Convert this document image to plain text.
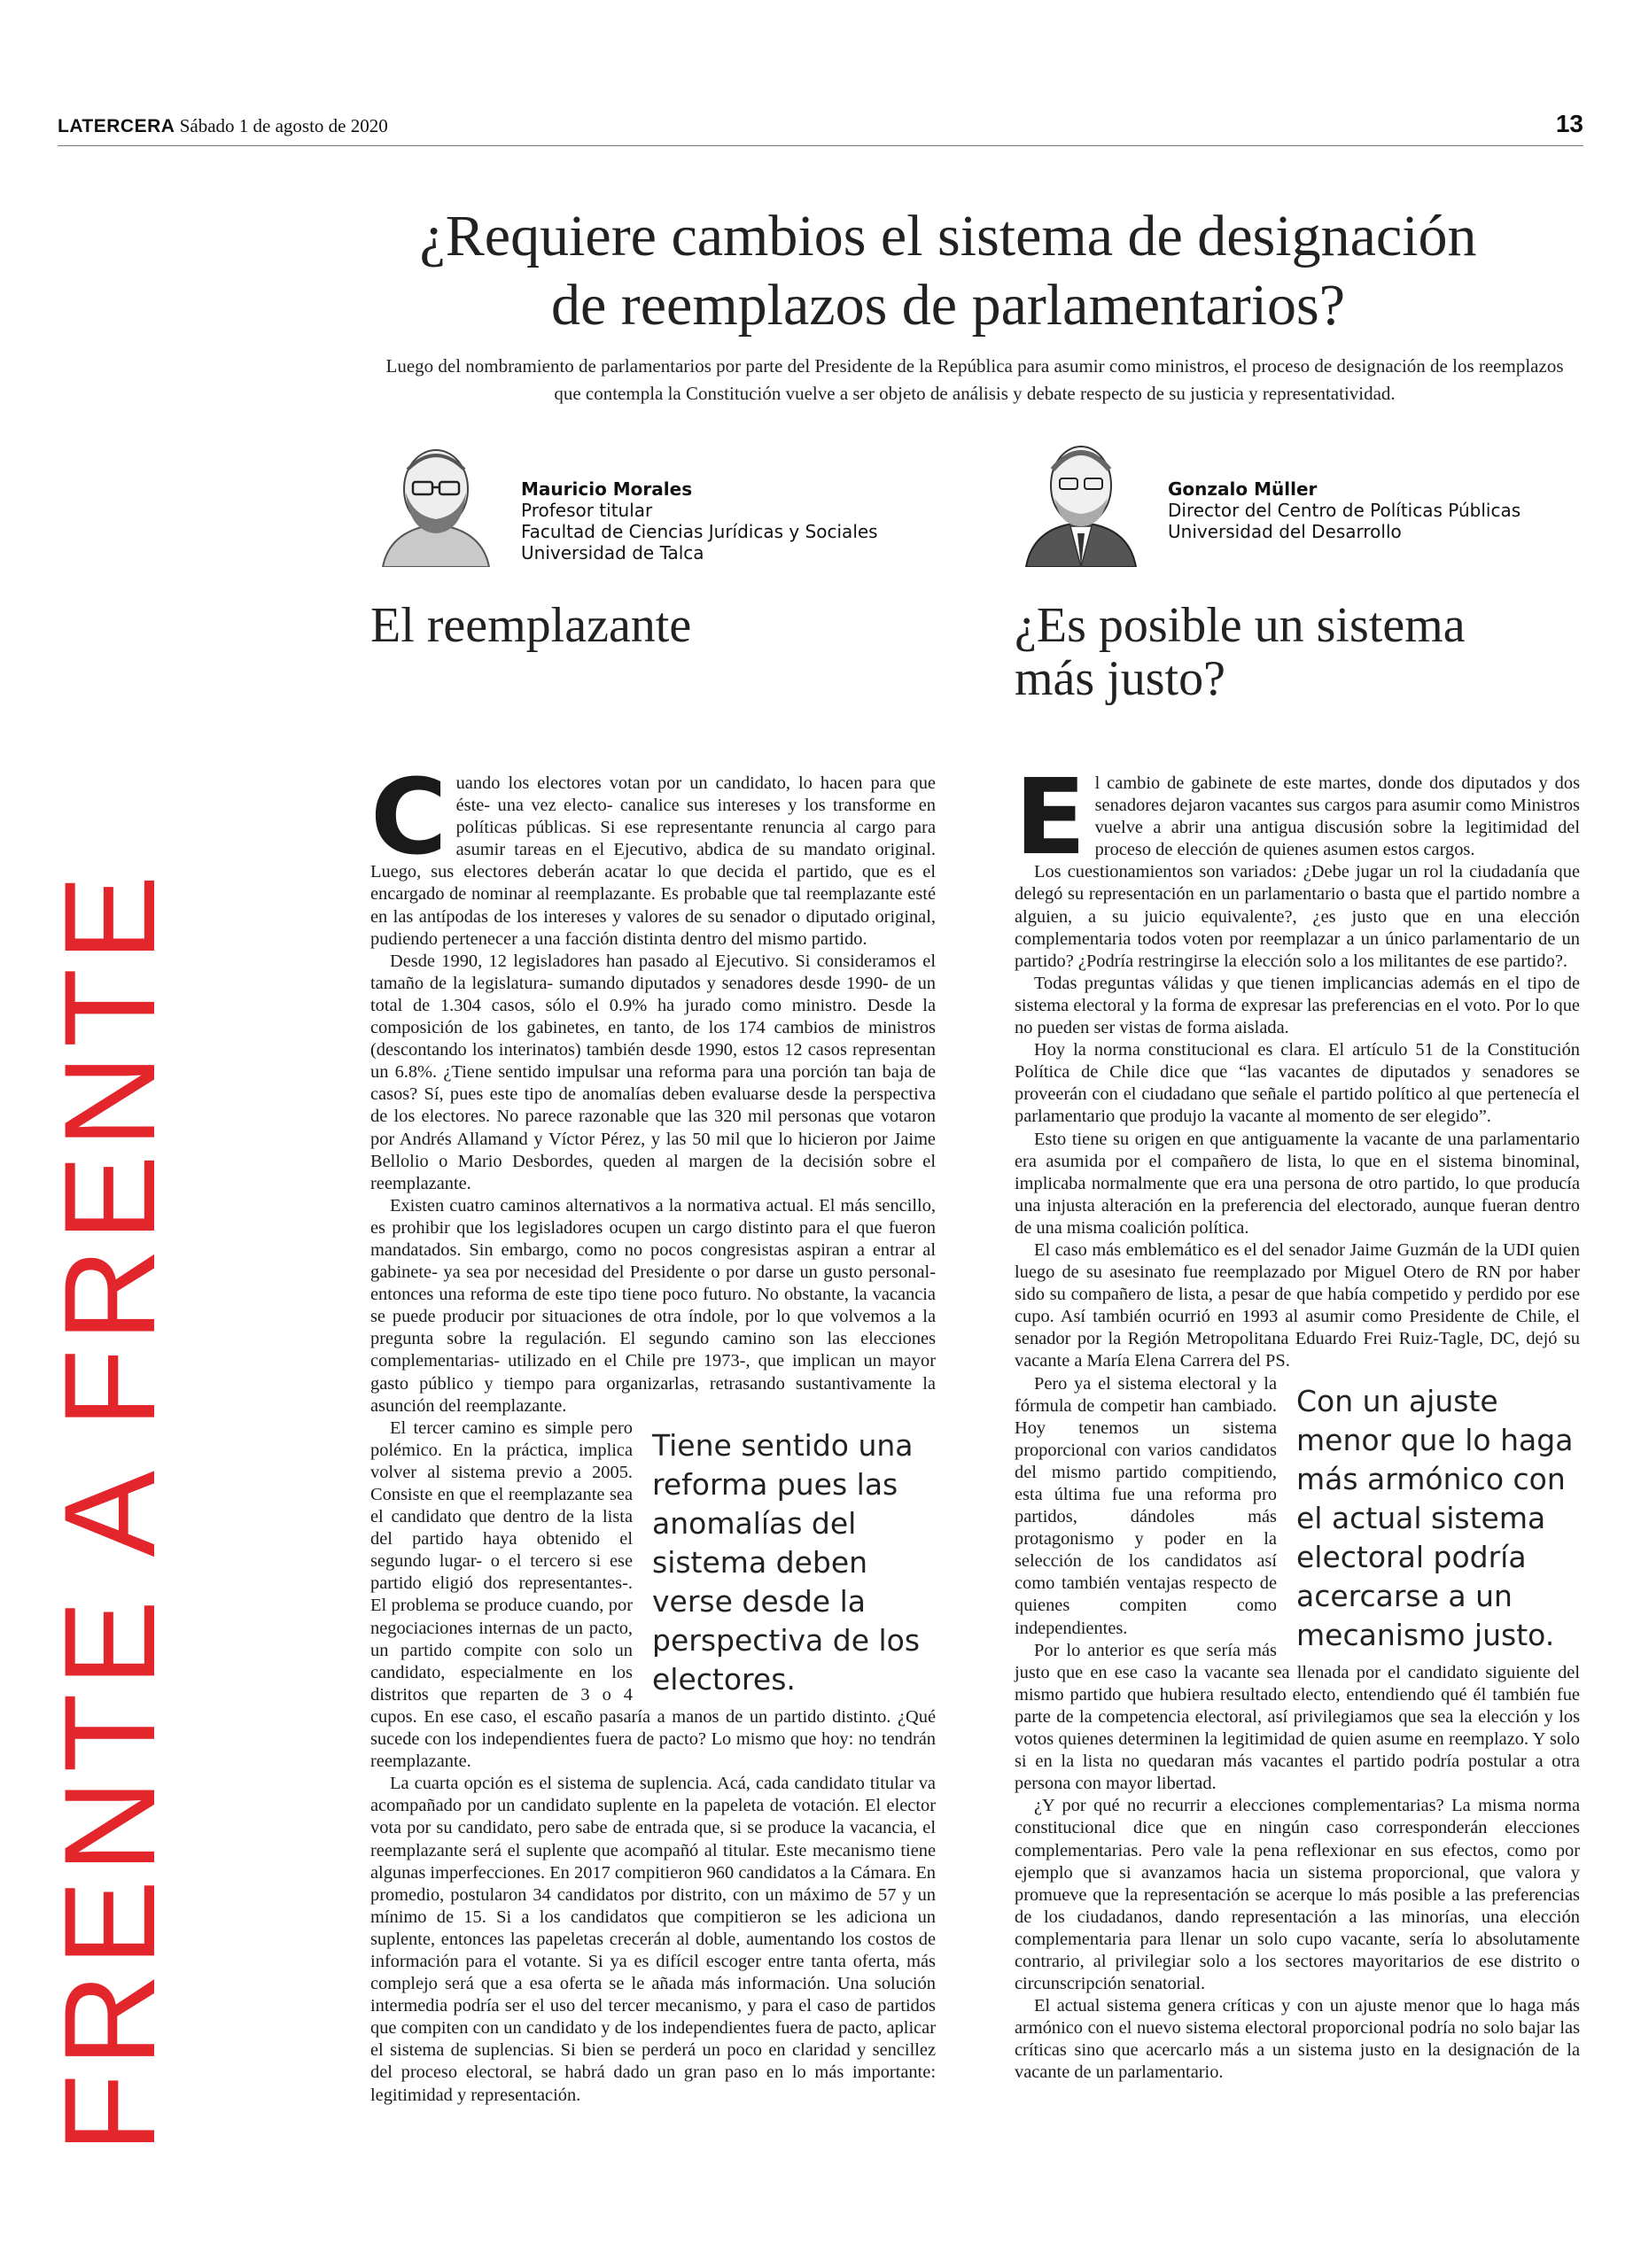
LATERCERA Sábado 1 de agosto de 2020	13
¿Requiere cambios el sistema de designación
de reemplazos de parlamentarios?
Luego del nombramiento de parlamentarios por parte del Presidente de la República para asumir como ministros, el proceso de designación de los reemplazos que contempla la Constitución vuelve a ser objeto de análisis y debate respecto de su justicia y representatividad.
FRENTE A FRENTE
Mauricio Morales
Profesor titular
Facultad de Ciencias Jurídicas y Sociales
Universidad de Talca
El reemplazante
Gonzalo Müller
Director del Centro de Políticas Públicas
Universidad del Desarrollo
¿Es posible un sistema
más justo?

Cuando los electores votan por un candidato, lo hacen para que éste- una vez electo- canalice sus intereses y los transforme en políticas públicas. Si ese representante renuncia al cargo para asumir tareas en el Ejecutivo, abdica de su mandato original. Luego, sus electores deberán acatar lo que decida el partido, que es el encargado de nominar al reemplazante. Es probable que tal reemplazante esté en las antípodas de los intereses y valores de su senador o diputado original, pudiendo pertenecer a una facción distinta dentro del mismo partido.

Desde 1990, 12 legisladores han pasado al Ejecutivo. Si consideramos el tamaño de la legislatura- sumando diputados y senadores desde 1990- de un total de 1.304 casos, sólo el 0.9% ha jurado como ministro. Desde la composición de los gabinetes, en tanto, de los 174 cambios de ministros (descontando los interinatos) también desde 1990, estos 12 casos representan un 6.8%. ¿Tiene sentido impulsar una reforma para una porción tan baja de casos? Sí, pues este tipo de anomalías deben evaluarse desde la perspectiva de los electores. No parece razonable que las 320 mil personas que votaron por Andrés Allamand y Víctor Pérez, y las 50 mil que lo hicieron por Jaime Bellolio o Mario Desbordes, queden al margen de la decisión sobre el reemplazante.

Existen cuatro caminos alternativos a la normativa actual. El más sencillo, es prohibir que los legisladores ocupen un cargo distinto para el que fueron mandatados. Sin embargo, como no pocos congresistas aspiran a entrar al gabinete- ya sea por necesidad del Presidente o por darse un gusto personal- entonces una reforma de este tipo tiene poco futuro. No obstante, la vacancia se puede producir por situaciones de otra índole, por lo que volvemos a la pregunta sobre la regulación. El segundo camino son las elecciones complementarias- utilizado en el Chile pre 1973-, que implican un mayor gasto público y tiempo para organizarlas, retrasando sustantivamente la asunción del reemplazante.

Tiene sentido una reforma pues las anomalías del sistema deben verse desde la perspectiva de los electores.

El tercer camino es simple pero polémico. En la práctica, implica volver al sistema previo a 2005. Consiste en que el reemplazante sea el candidato que dentro de la lista del partido haya obtenido el segundo lugar- o el tercero si ese partido eligió dos representantes-. El problema se produce cuando, por negociaciones internas de un pacto, un partido compite con solo un candidato, especialmente en los distritos que reparten de 3 o 4 cupos. En ese caso, el escaño pasaría a manos de un partido distinto. ¿Qué sucede con los independientes fuera de pacto? Lo mismo que hoy: no tendrán reemplazante.

La cuarta opción es el sistema de suplencia. Acá, cada candidato titular va acompañado por un candidato suplente en la papeleta de votación. El elector vota por su candidato, pero sabe de entrada que, si se produce la vacancia, el reemplazante será el suplente que acompañó al titular. Este mecanismo tiene algunas imperfecciones. En 2017 compitieron 960 candidatos a la Cámara. En promedio, postularon 34 candidatos por distrito, con un máximo de 57 y un mínimo de 15. Si a los candidatos que compitieron se les adiciona un suplente, entonces las papeletas crecerán al doble, aumentando los costos de información para el votante. Si ya es difícil escoger entre tanta oferta, más complejo será que a esa oferta se le añada más información. Una solución intermedia podría ser el uso del tercer mecanismo, y para el caso de partidos que compiten con un candidato y de los independientes fuera de pacto, aplicar el sistema de suplencias. Si bien se perderá un poco en claridad y sencillez del proceso electoral, se habrá dado un gran paso en lo más importante: legitimidad y representación.

El cambio de gabinete de este martes, donde dos diputados y dos senadores dejaron vacantes sus cargos para asumir como Ministros vuelve a abrir una antigua discusión sobre la legitimidad del proceso de elección de quienes asumen estos cargos.

Los cuestionamientos son variados: ¿Debe jugar un rol la ciudadanía que delegó su representación en un parlamentario o basta que el partido nombre a alguien, a su juicio equivalente?, ¿es justo que en una elección complementaria todos voten por reemplazar a un único parlamentario de un partido? ¿Podría restringirse la elección solo a los militantes de ese partido?.

Todas preguntas válidas y que tienen implicancias además en el tipo de sistema electoral y la forma de expresar las preferencias en el voto. Por lo que no pueden ser vistas de forma aislada.

Hoy la norma constitucional es clara. El artículo 51 de la Constitución Política de Chile dice que “las vacantes de diputados y senadores se proveerán con el ciudadano que señale el partido político al que pertenecía el parlamentario que produjo la vacante al momento de ser elegido”.

Esto tiene su origen en que antiguamente la vacante de una parlamentario era asumida por el compañero de lista, lo que en el sistema binominal, implicaba normalmente que era una persona de otro partido, lo que producía una injusta alteración en la preferencia del electorado, aunque fueran dentro de una misma coalición política.

El caso más emblemático es el del senador Jaime Guzmán de la UDI quien luego de su asesinato fue reemplazado por Miguel Otero de RN por haber sido su compañero de lista, a pesar de que había competido y perdido por ese cupo. Así también ocurrió en 1993 al asumir como Presidente de Chile, el senador por la Región Metropolitana Eduardo Frei Ruiz-Tagle, DC, dejó su vacante a María Elena Carrera del PS.

Con un ajuste menor que lo haga más armónico con el actual sistema electoral podría acercarse a un mecanismo justo.

Pero ya el sistema electoral y la fórmula de competir han cambiado. Hoy tenemos un sistema proporcional con varios candidatos del mismo partido compitiendo, esta última fue una reforma pro partidos, dándoles más protagonismo y poder en la selección de los candidatos así como también ventajas respecto de quienes compiten como independientes.

Por lo anterior es que sería más justo que en ese caso la vacante sea llenada por el candidato siguiente del mismo partido que hubiera resultado electo, entendiendo qué él también fue parte de la competencia electoral, así privilegiamos que sea la elección y los votos quienes determinen la legitimidad de quien asume en reemplazo. Y solo si en la lista no quedaran más vacantes el partido podría postular a otra persona con mayor libertad.

¿Y por qué no recurrir a elecciones complementarias? La misma norma constitucional dice que en ningún caso corresponderán elecciones complementarias. Pero vale la pena reflexionar en sus efectos, como por ejemplo que si avanzamos hacia un sistema proporcional, que valora y promueve que la representación se acerque lo más posible a las preferencias de los ciudadanos, dando representación a las minorías, una elección complementaria para llenar un solo cupo vacante, sería lo absolutamente contrario, al privilegiar solo a los sectores mayoritarios de ese distrito o circunscripción senatorial.

El actual sistema genera críticas y con un ajuste menor que lo haga más armónico con el nuevo sistema electoral proporcional podría no solo bajar las críticas sino que acercarlo más a un sistema justo en la designación de la vacante de un parlamentario.
